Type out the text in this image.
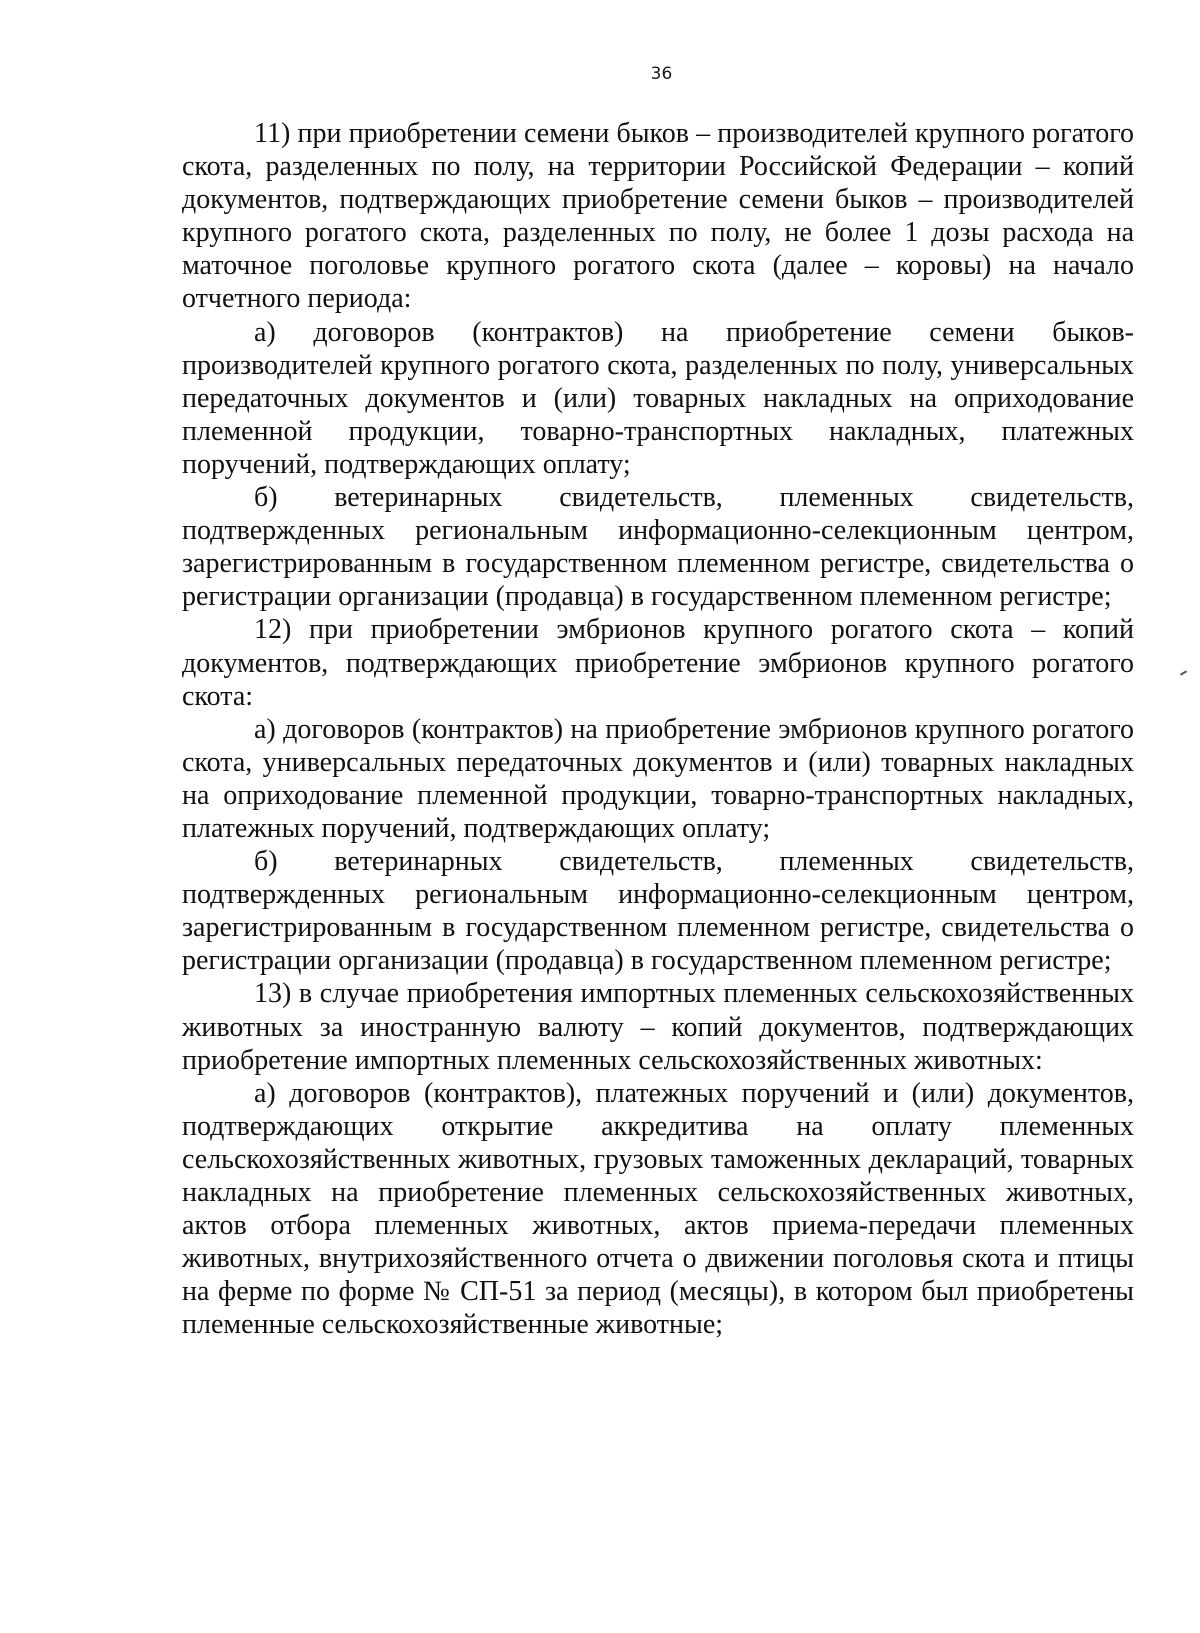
36

11) при приобретении семени быков – производителей крупного рогатого скота, разделенных по полу, на территории Российской Федерации – копий документов, подтверждающих приобретение семени быков – производителей крупного рогатого скота, разделенных по полу, не более 1 дозы расхода на маточное поголовье крупного рогатого скота (далее – коровы) на начало отчетного периода:

а) договоров (контрактов) на приобретение семени быков-производителей крупного рогатого скота, разделенных по полу, универсальных передаточных документов и (или) товарных накладных на оприходование племенной продукции, товарно-транспортных накладных, платежных поручений, подтверждающих оплату;

б) ветеринарных свидетельств, племенных свидетельств, подтвержденных региональным информационно-селекционным центром, зарегистрированным в государственном племенном регистре, свидетельства о регистрации организации (продавца) в государственном племенном регистре;

12) при приобретении эмбрионов крупного рогатого скота – копий документов, подтверждающих приобретение эмбрионов крупного рогатого скота:

а) договоров (контрактов) на приобретение эмбрионов крупного рогатого скота, универсальных передаточных документов и (или) товарных накладных на оприходование племенной продукции, товарно-транспортных накладных, платежных поручений, подтверждающих оплату;

б) ветеринарных свидетельств, племенных свидетельств, подтвержденных региональным информационно-селекционным центром, зарегистрированным в государственном племенном регистре, свидетельства о регистрации организации (продавца) в государственном племенном регистре;

13) в случае приобретения импортных племенных сельскохозяйственных животных за иностранную валюту – копий документов, подтверждающих приобретение импортных племенных сельскохозяйственных животных:

а) договоров (контрактов), платежных поручений и (или) документов, подтверждающих открытие аккредитива на оплату племенных сельскохозяйственных животных, грузовых таможенных деклараций, товарных накладных на приобретение племенных сельскохозяйственных животных, актов отбора племенных животных, актов приема-передачи племенных животных, внутрихозяйственного отчета о движении поголовья скота и птицы на ферме по форме № СП-51 за период (месяцы), в котором был приобретены племенные сельскохозяйственные животные;
